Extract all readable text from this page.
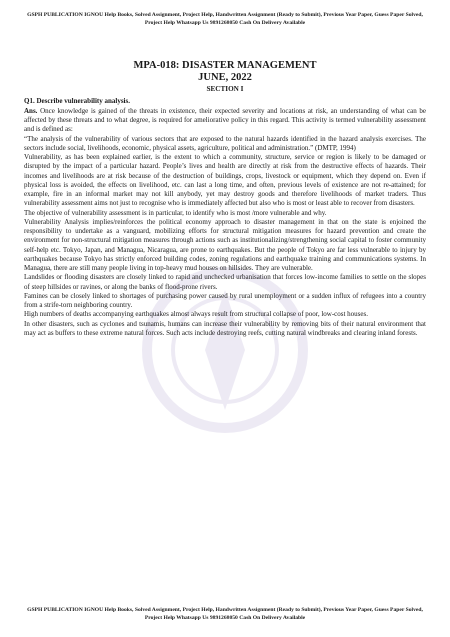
GSPH PUBLICATION IGNOU Help Books, Solved Assignment, Project Help, Handwritten Assignment (Ready to Submit), Previous Year Paper, Guess Paper Solved, Project Help Whatsapp Us 9891268050 Cash On Delivery Available
MPA-018: DISASTER MANAGEMENT
JUNE, 2022
SECTION I

Q1. Describe vulnerability analysis.

Ans. Once knowledge is gained of the threats in existence, their expected severity and locations at risk, an understanding of what can be affected by these threats and to what degree, is required for ameliorative policy in this regard. This activity is termed vulnerability assessment and is defined as:

“The analysis of the vulnerability of various sectors that are exposed to the natural hazards identified in the hazard analysis exercises. The sectors include social, livelihoods, economic, physical assets, agriculture, political and administration.” (DMTP, 1994)

Vulnerability, as has been explained earlier, is the extent to which a community, structure, service or region is likely to be damaged or disrupted by the impact of a particular hazard. People’s lives and health are directly at risk from the destructive effects of hazards. Their incomes and livelihoods are at risk because of the destruction of buildings, crops, livestock or equipment, which they depend on. Even if physical loss is avoided, the effects on livelihood, etc. can last a long time, and often, previous levels of existence are not re-attained; for example, fire in an informal market may not kill anybody, yet may destroy goods and therefore livelihoods of market traders. Thus vulnerability assessment aims not just to recognise who is immediately affected but also who is most or least able to recover from disasters.

The objective of vulnerability assessment is in particular, to identify who is most /more vulnerable and why.

Vulnerability Analysis implies/reinforces the political economy approach to disaster management in that on the state is enjoined the responsibility to undertake as a vanguard, mobilizing efforts for structural mitigation measures for hazard prevention and create the environment for non-structural mitigation measures through actions such as institutionalizing/strengthening social capital to foster community self-help etc. Tokyo, Japan, and Managua, Nicaragua, are prone to earthquakes. But the people of Tokyo are far less vulnerable to injury by earthquakes because Tokyo has strictly enforced building codes, zoning regulations and earthquake training and communications systems. In Managua, there are still many people living in top-heavy mud houses on hillsides. They are vulnerable.

Landslides or flooding disasters are closely linked to rapid and unchecked urbanisation that forces low-income families to settle on the slopes of steep hillsides or ravines, or along the banks of flood-prone rivers.

Famines can be closely linked to shortages of purchasing power caused by rural unemployment or a sudden influx of refugees into a country from a strife-torn neighboring country.

High numbers of deaths accompanying earthquakes almost always result from structural collapse of poor, low-cost houses.

In other disasters, such as cyclones and tsunamis, humans can increase their vulnerability by removing bits of their natural environment that may act as buffers to these extreme natural forces. Such acts include destroying reefs, cutting natural windbreaks and clearing inland forests.

GSPH PUBLICATION IGNOU Help Books, Solved Assignment, Project Help, Handwritten Assignment (Ready to Submit), Previous Year Paper, Guess Paper Solved, Project Help Whatsapp Us 9891268050 Cash On Delivery Available
